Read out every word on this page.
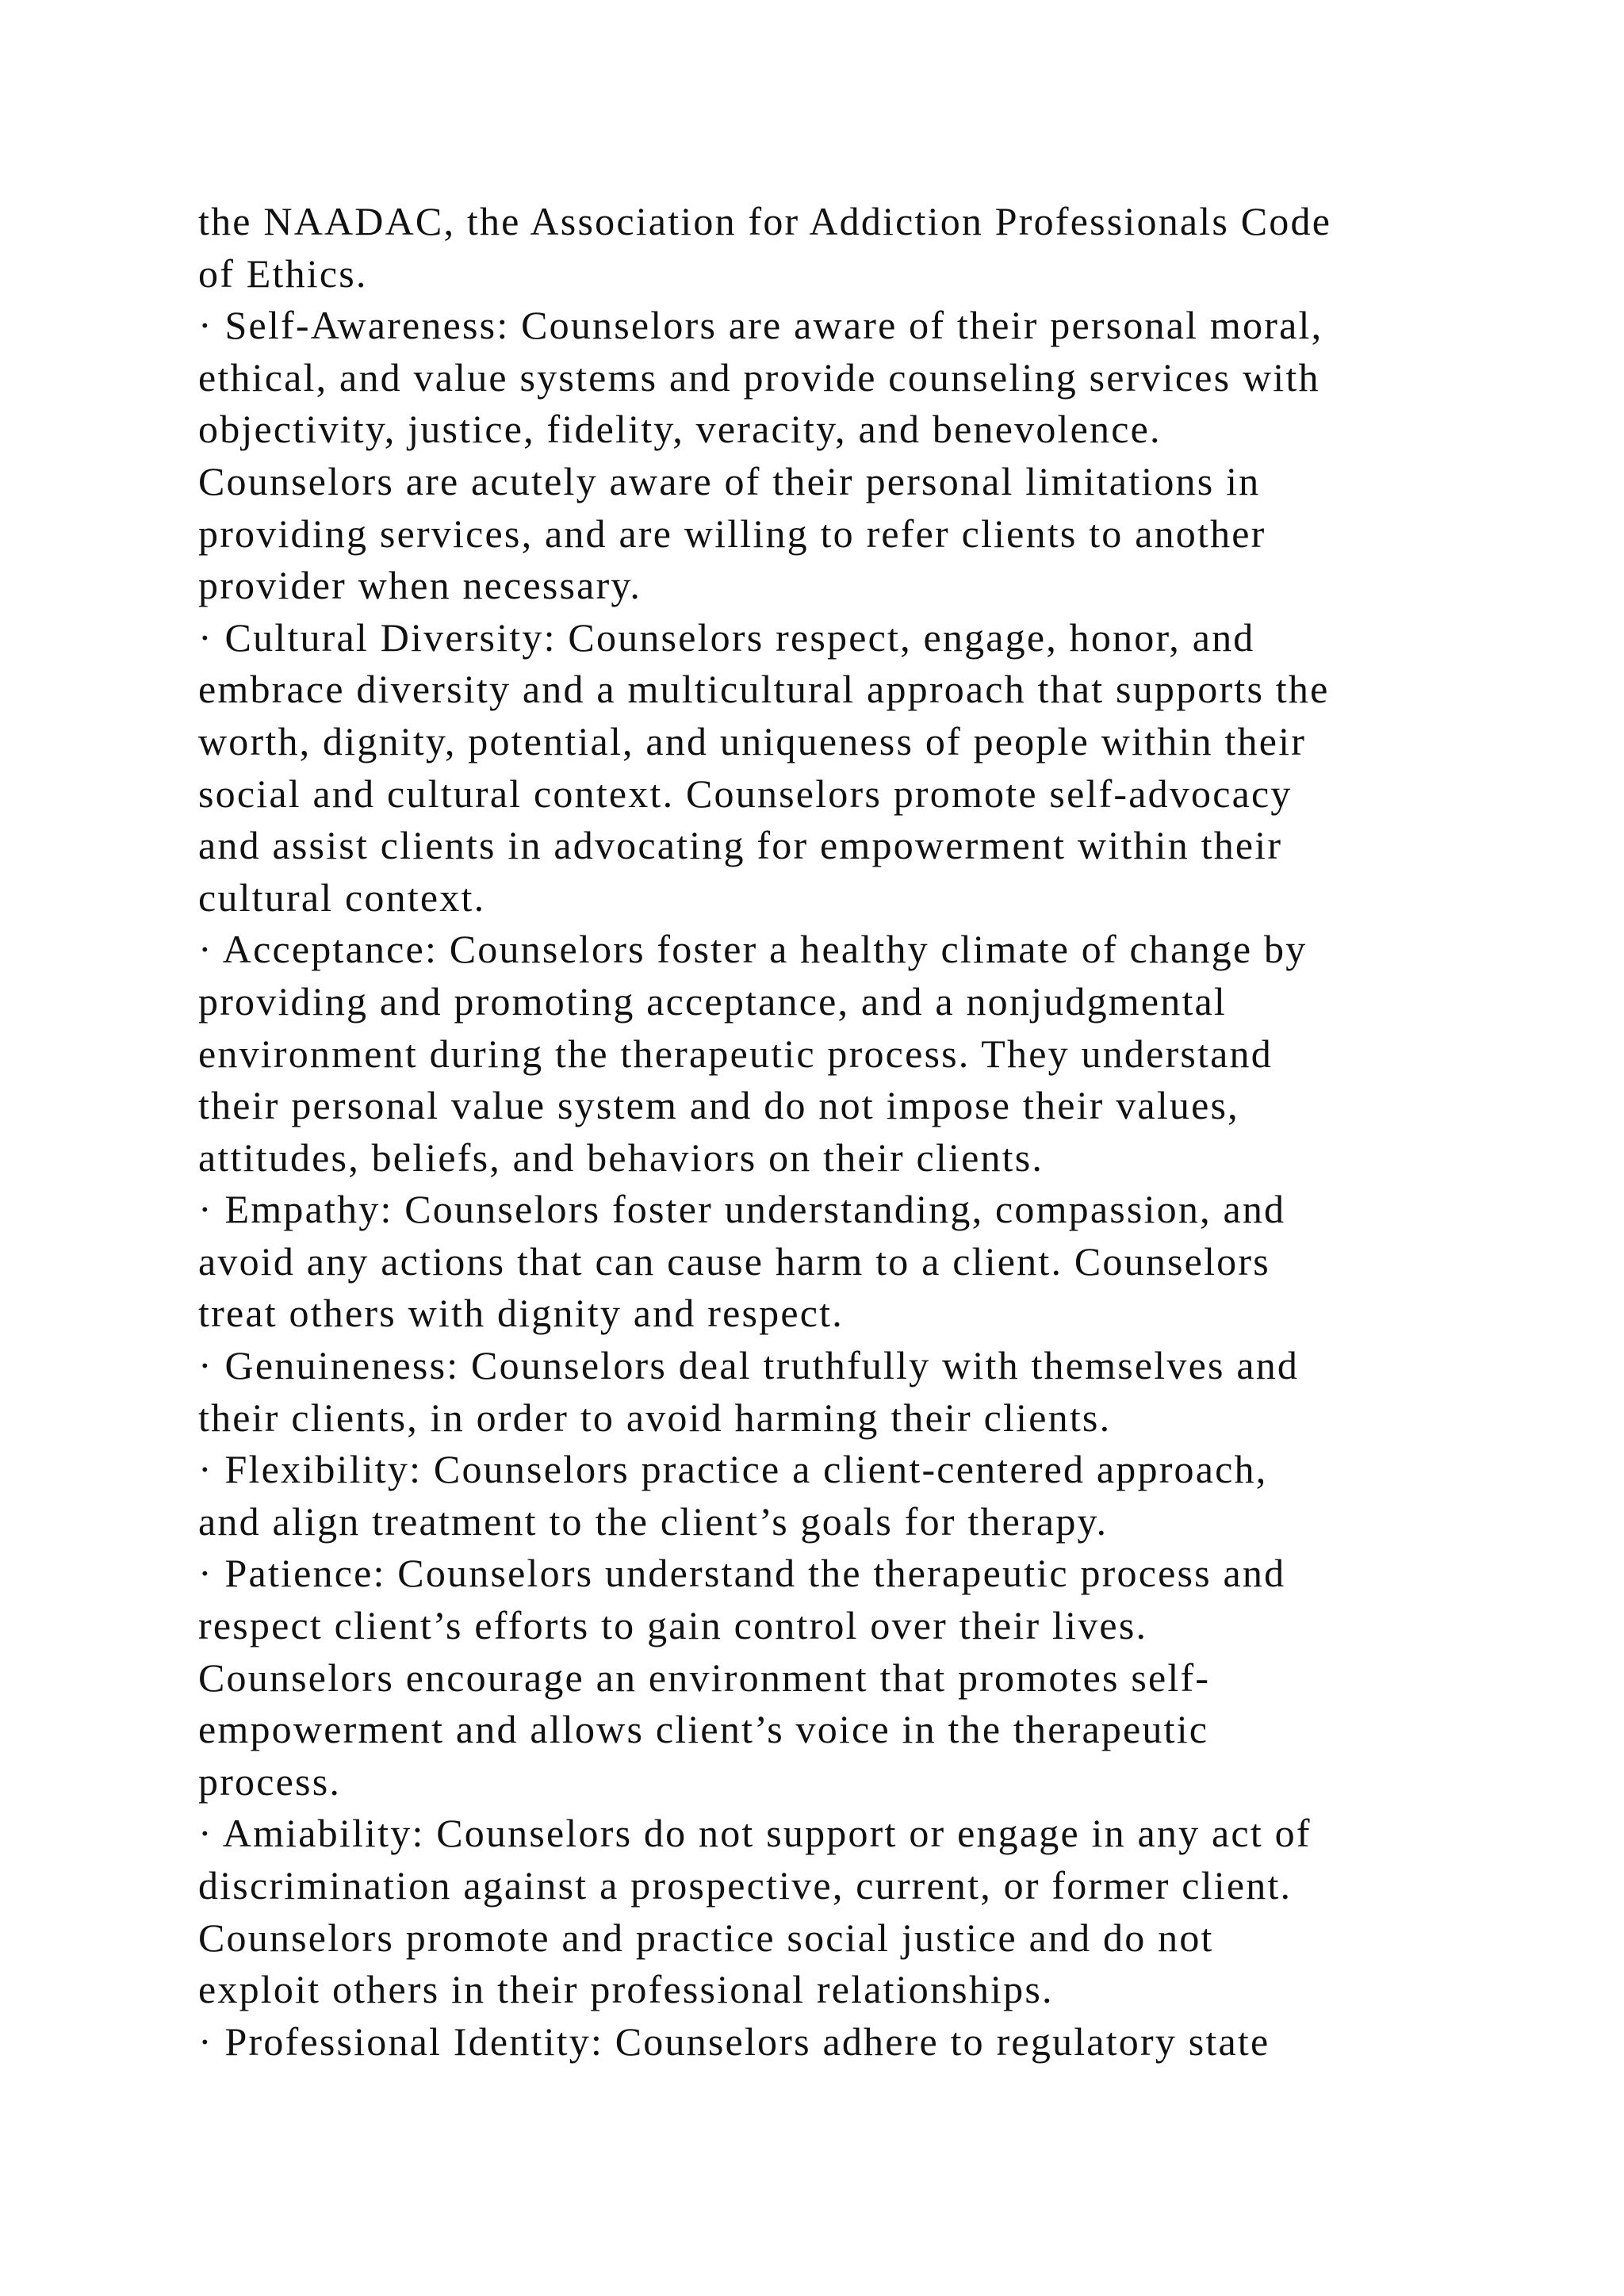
the NAADAC, the Association for Addiction Professionals Code
of Ethics.
· Self-Awareness: Counselors are aware of their personal moral,
ethical, and value systems and provide counseling services with
objectivity, justice, fidelity, veracity, and benevolence.
Counselors are acutely aware of their personal limitations in
providing services, and are willing to refer clients to another
provider when necessary.
· Cultural Diversity: Counselors respect, engage, honor, and
embrace diversity and a multicultural approach that supports the
worth, dignity, potential, and uniqueness of people within their
social and cultural context. Counselors promote self-advocacy
and assist clients in advocating for empowerment within their
cultural context.
· Acceptance: Counselors foster a healthy climate of change by
providing and promoting acceptance, and a nonjudgmental
environment during the therapeutic process. They understand
their personal value system and do not impose their values,
attitudes, beliefs, and behaviors on their clients.
· Empathy: Counselors foster understanding, compassion, and
avoid any actions that can cause harm to a client. Counselors
treat others with dignity and respect.
· Genuineness: Counselors deal truthfully with themselves and
their clients, in order to avoid harming their clients.
· Flexibility: Counselors practice a client-centered approach,
and align treatment to the client’s goals for therapy.
· Patience: Counselors understand the therapeutic process and
respect client’s efforts to gain control over their lives.
Counselors encourage an environment that promotes self-
empowerment and allows client’s voice in the therapeutic
process.
· Amiability: Counselors do not support or engage in any act of
discrimination against a prospective, current, or former client.
Counselors promote and practice social justice and do not
exploit others in their professional relationships.
· Professional Identity: Counselors adhere to regulatory state
